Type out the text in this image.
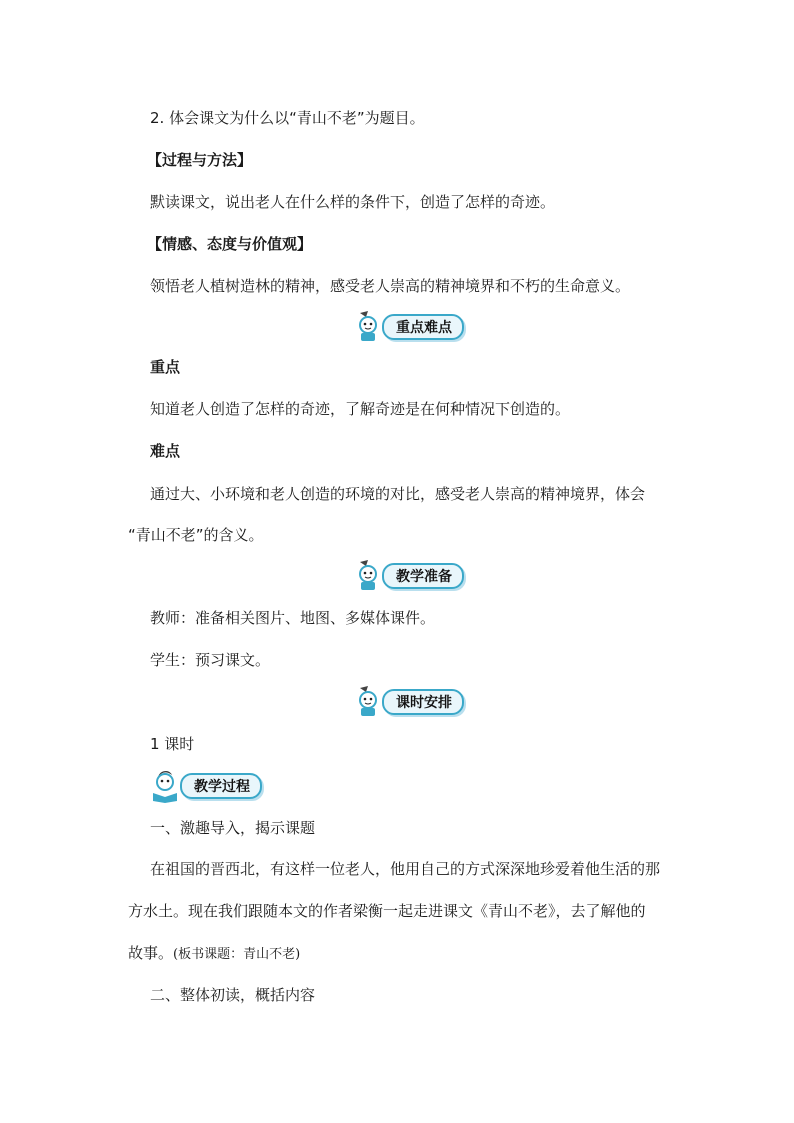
2. 体会课文为什么以“青山不老”为题目。
【过程与方法】
默读课文，说出老人在什么样的条件下，创造了怎样的奇迹。
【情感、态度与价值观】
领悟老人植树造林的精神，感受老人崇高的精神境界和不朽的生命意义。
重点难点
重点
知道老人创造了怎样的奇迹，了解奇迹是在何种情况下创造的。
难点
通过大、小环境和老人创造的环境的对比，感受老人崇高的精神境界，体会
“青山不老”的含义。
教学准备
教师：准备相关图片、地图、多媒体课件。
学生：预习课文。
课时安排
1 课时
教学过程
一、激趣导入，揭示课题
在祖国的晋西北，有这样一位老人，他用自己的方式深深地珍爱着他生活的那
方水土。现在我们跟随本文的作者梁衡一起走进课文《青山不老》，去了解他的
故事。(板书课题：青山不老)
二、整体初读，概括内容
